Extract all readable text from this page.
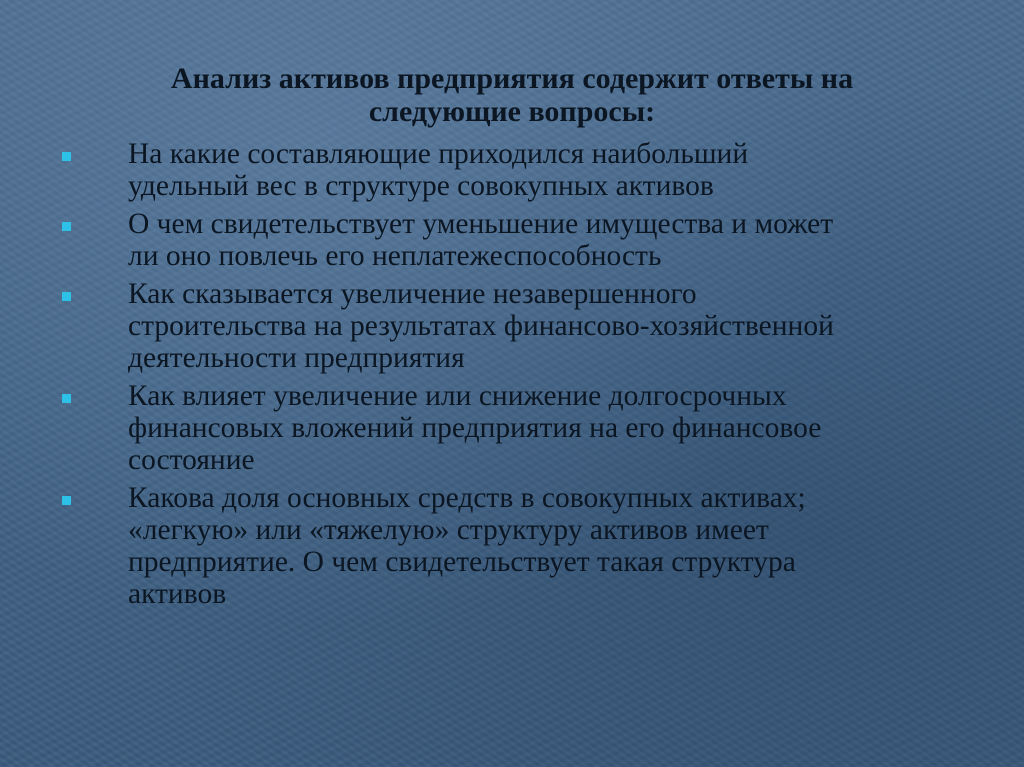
Анализ активов предприятия содержит ответы на
следующие вопросы:
На какие составляющие приходился наибольший
удельный вес в структуре совокупных активов
О чем свидетельствует уменьшение имущества и может
ли оно повлечь его неплатежеспособность
Как сказывается увеличение незавершенного
строительства на результатах финансово-хозяйственной
деятельности предприятия
Как влияет увеличение или снижение долгосрочных
финансовых вложений предприятия на его финансовое
состояние
Какова доля основных средств в совокупных активах;
«легкую» или «тяжелую» структуру активов имеет
предприятие. О чем свидетельствует такая структура
активов
